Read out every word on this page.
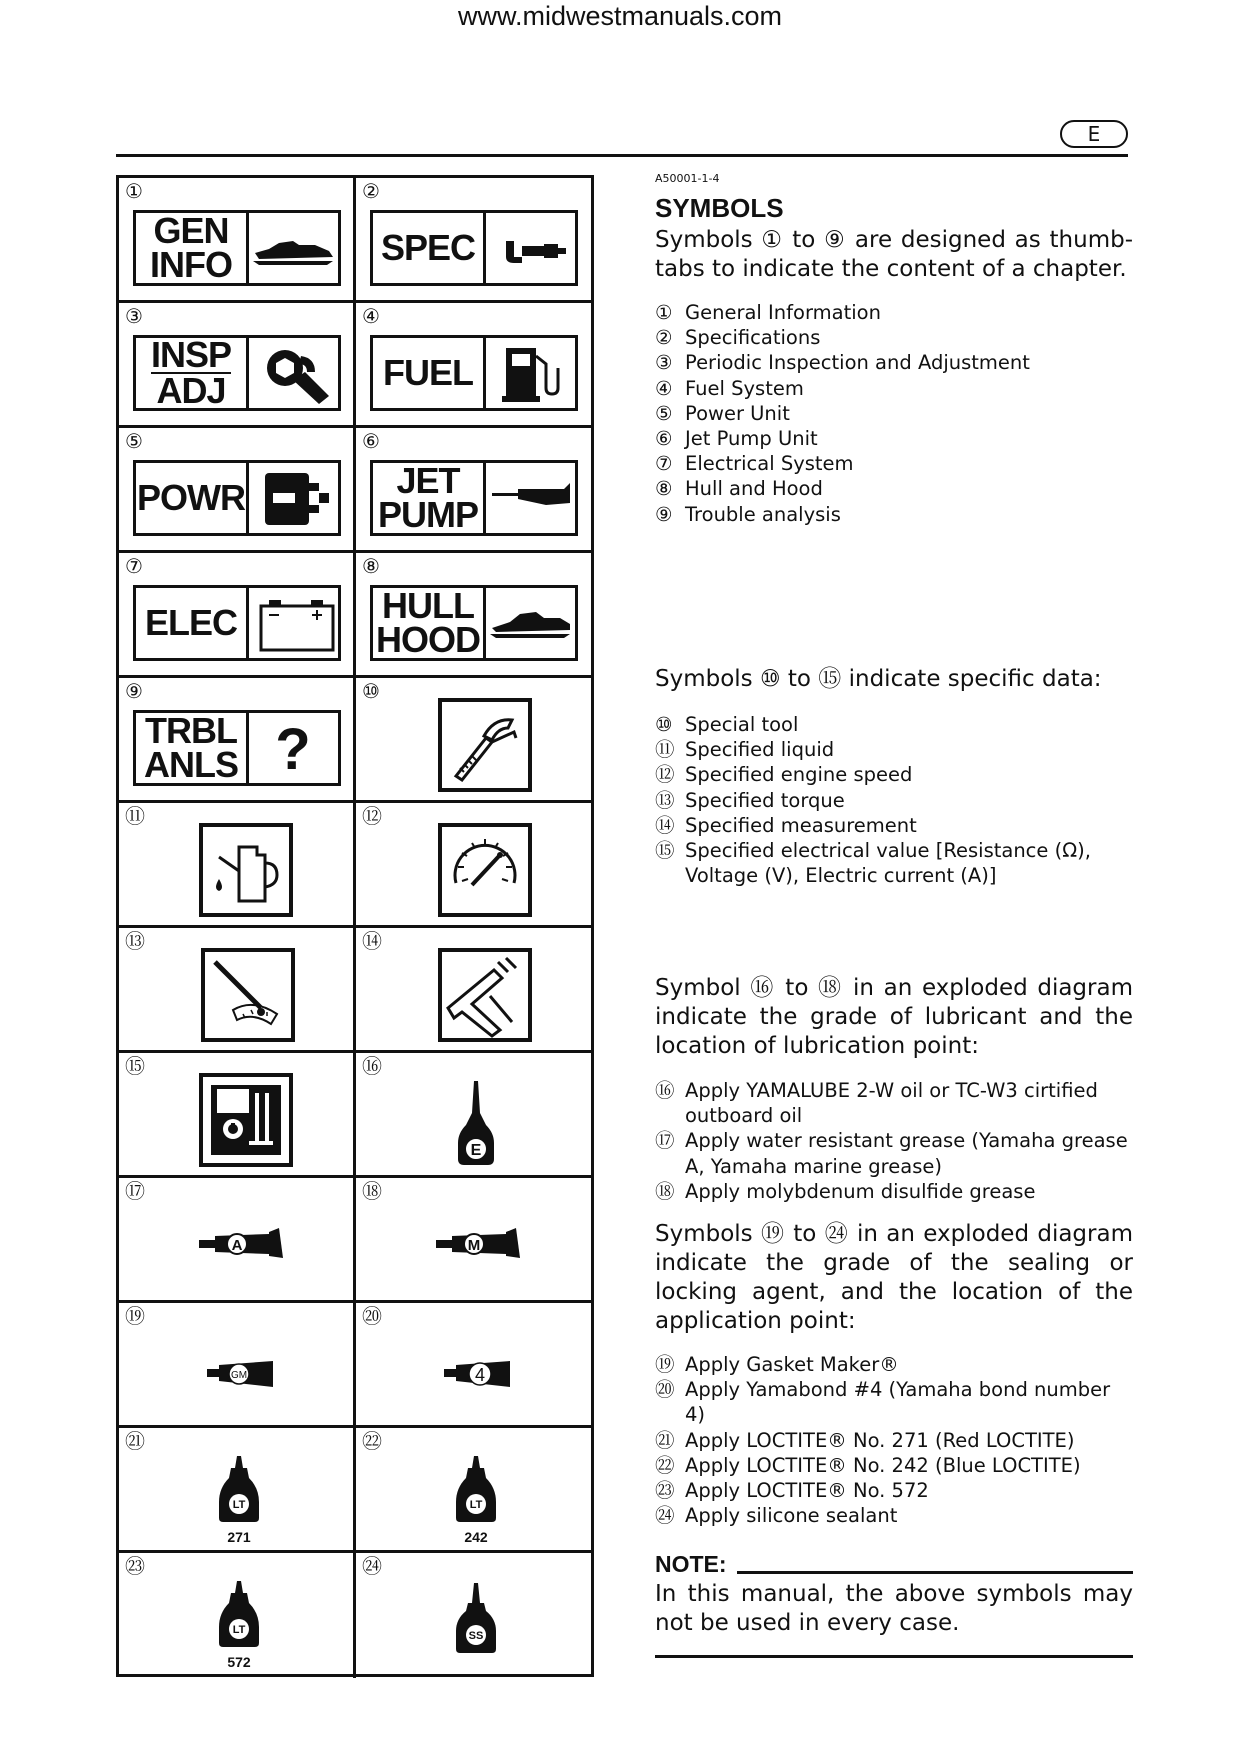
www.midwestmanuals.com
E
①
GEN
INFO
②
SPEC
③
INSP
ADJ
④
FUEL
⑤
POWR
⑥
JET
PUMP
⑦
ELEC
⑧
HULL
HOOD
⑨
TRBL
ANLS ?
⑩
⑪	⑫
⑬	⑭
⑮	⑯
E
⑰
A
⑱
M
⑲
GM
⑳
4
㉑
LT
271
㉒
LT
242
㉓
LT
572
㉔
SS
A50001-1-4
SYMBOLS
Symbols ① to ⑨ are designed as thumb-tabs to indicate the content of a chapter.
① General Information
② Specifications
③ Periodic Inspection and Adjustment
④ Fuel System
⑤ Power Unit
⑥ Jet Pump Unit
⑦ Electrical System
⑧ Hull and Hood
⑨ Trouble analysis
Symbols ⑩ to ⑮ indicate specific data:
⑩ Special tool
⑪ Specified liquid
⑫ Specified engine speed
⑬ Specified torque
⑭ Specified measurement
⑮ Specified electrical value [Resistance (Ω), Voltage (V), Electric current (A)]
Symbol ⑯ to ⑱ in an exploded diagram indicate the grade of lubricant and the location of lubrication point:
⑯ Apply YAMALUBE 2-W oil or TC-W3 cirtified outboard oil
⑰ Apply water resistant grease (Yamaha grease A, Yamaha marine grease)
⑱ Apply molybdenum disulfide grease
Symbols ⑲ to ㉔ in an exploded diagram indicate the grade of the sealing or locking agent, and the location of the application point:
⑲ Apply Gasket Maker®
⑳ Apply Yamabond #4 (Yamaha bond number 4)
㉑ Apply LOCTITE® No. 271 (Red LOCTITE)
㉒ Apply LOCTITE® No. 242 (Blue LOCTITE)
㉓ Apply LOCTITE® No. 572
㉔ Apply silicone sealant
NOTE:
In this manual, the above symbols may not be used in every case.
